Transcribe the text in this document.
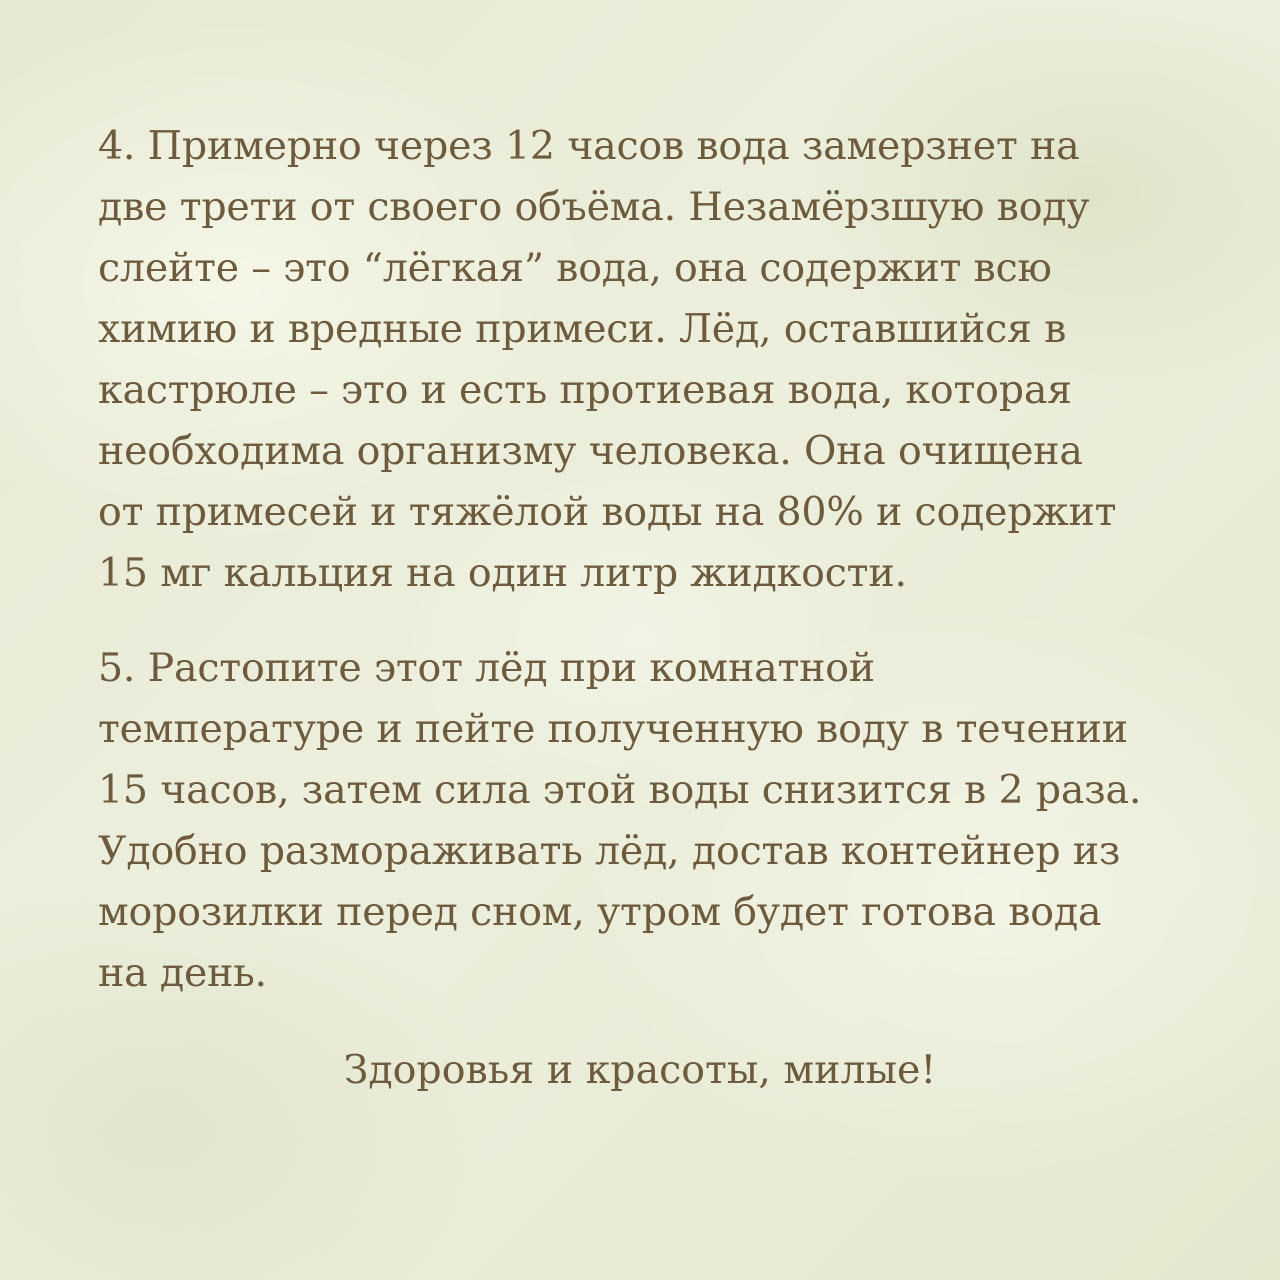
4. Примерно через 12 часов вода замерзнет на
две трети от своего объёма. Незамёрзшую воду
слейте – это “лёгкая” вода, она содержит всю
химию и вредные примеси. Лёд, оставшийся в
кастрюле – это и есть протиевая вода, которая
необходима организму человека. Она очищена
от примесей и тяжёлой воды на 80% и содержит
15 мг кальция на один литр жидкости.
5. Растопите этот лёд при комнатной
температуре и пейте полученную воду в течении
15 часов, затем сила этой воды снизится в 2 раза.
Удобно размораживать лёд, достав контейнер из
морозилки перед сном, утром будет готова вода
на день.
Здоровья и красоты, милые!
